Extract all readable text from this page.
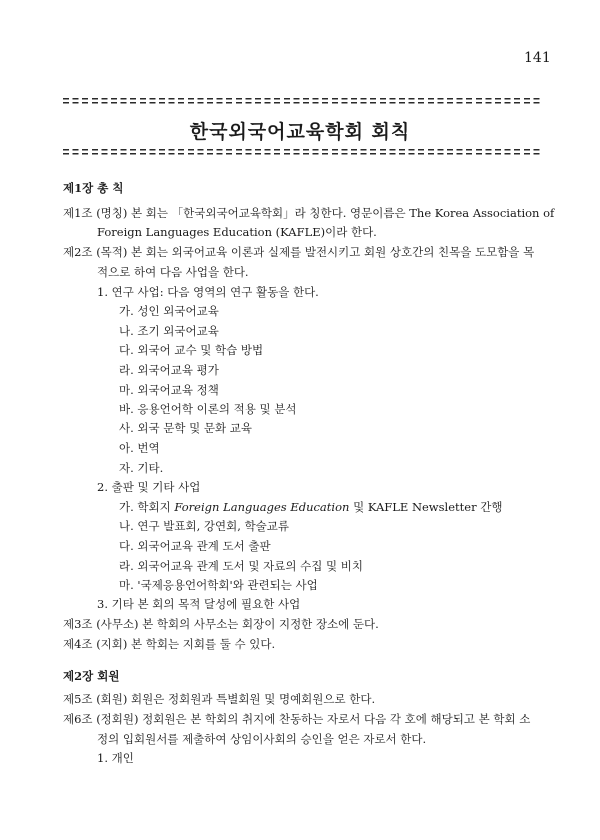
141
한국외국어교육학회 회칙
제1장 총 칙
제1조 (명칭) 본 회는 「한국외국어교육학회」라 칭한다. 영문이름은 The Korea Association of
Foreign Languages Education (KAFLE)이라 한다.
제2조 (목적) 본 회는 외국어교육 이론과 실제를 발전시키고 회원 상호간의 친목을 도모함을 목
적으로 하여 다음 사업을 한다.
1. 연구 사업: 다음 영역의 연구 활동을 한다.
가. 성인 외국어교육
나. 조기 외국어교육
다. 외국어 교수 및 학습 방법
라. 외국어교육 평가
마. 외국어교육 정책
바. 응용언어학 이론의 적용 및 분석
사. 외국 문학 및 문화 교육
아. 번역
자. 기타.
2. 출판 및 기타 사업
가. 학회지 Foreign Languages Education 및 KAFLE Newsletter 간행
나. 연구 발표회, 강연회, 학술교류
다. 외국어교육 관계 도서 출판
라. 외국어교육 관계 도서 및 자료의 수집 및 비치
마. '국제응용언어학회'와 관련되는 사업
3. 기타 본 회의 목적 달성에 필요한 사업
제3조 (사무소) 본 학회의 사무소는 회장이 지정한 장소에 둔다.
제4조 (지회) 본 학회는 지회를 둘 수 있다.
제2장 회원
제5조 (회원) 회원은 정회원과 특별회원 및 명예회원으로 한다.
제6조 (정회원) 정회원은 본 학회의 취지에 찬동하는 자로서 다음 각 호에 해당되고 본 학회 소
정의 입회원서를 제출하여 상임이사회의 승인을 얻은 자로서 한다.
1. 개인
